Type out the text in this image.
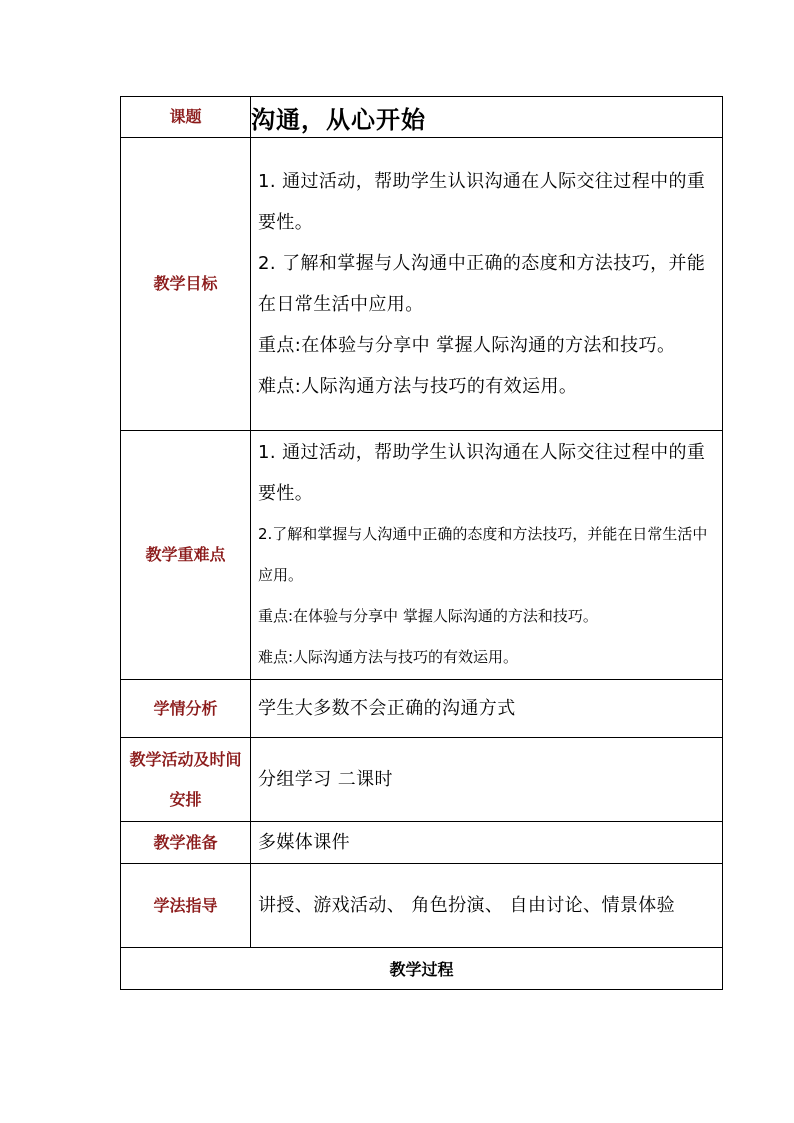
课题	沟通，从心开始
教学目标	1. 通过活动，帮助学生认识沟通在人际交往过程中的重要性。

2. 了解和掌握与人沟通中正确的态度和方法技巧，并能在日常生活中应用。

重点:在体验与分享中 掌握人际沟通的方法和技巧。

难点:人际沟通方法与技巧的有效运用。

教学重难点	1. 通过活动，帮助学生认识沟通在人际交往过程中的重要性。

2.了解和掌握与人沟通中正确的态度和方法技巧，并能在日常生活中应用。

重点:在体验与分享中 掌握人际沟通的方法和技巧。

难点:人际沟通方法与技巧的有效运用。

学情分析	学生大多数不会正确的沟通方式
教学活动及时间安排	分组学习 二课时
教学准备	多媒体课件
学法指导	讲授、游戏活动、 角色扮演、 自由讨论、情景体验
教学过程	
